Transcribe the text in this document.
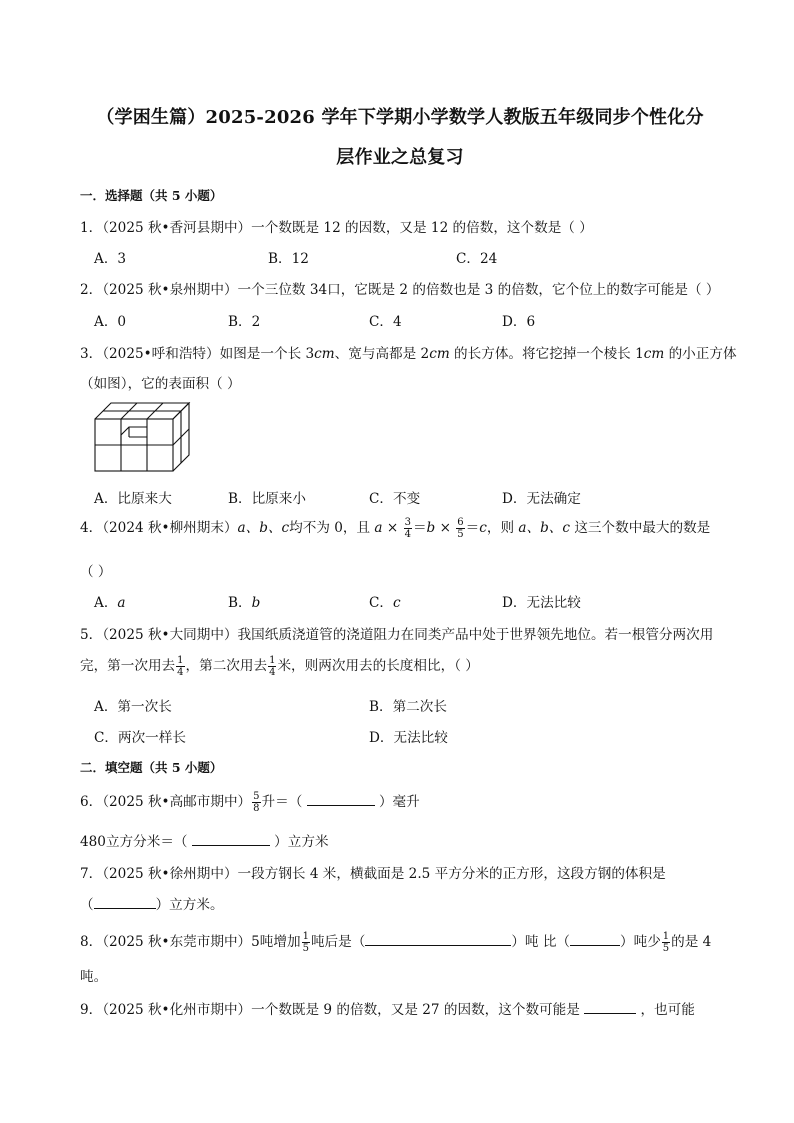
（学困生篇）2025-2026 学年下学期小学数学人教版五年级同步个性化分
层作业之总复习
一．选择题（共 5 小题）
1．（2025 秋•香河县期中）一个数既是 12 的因数，又是 12 的倍数，这个数是（ ）
A．3	B．12	C．24
2．（2025 秋•泉州期中）一个三位数 34口，它既是 2 的倍数也是 3 的倍数，它个位上的数字可能是（ ）
A．0	B．2	C．4	D．6
3．（2025•呼和浩特）如图是一个长 3cm、宽与高都是 2cm 的长方体。将它挖掉一个棱长 1cm 的小正方体
（如图），它的表面积（ ）
A．比原来大	B．比原来小	C．不变	D．无法确定
4．（2024 秋•柳州期末）a、b、c均不为 0，且 $a \times \frac{3}{4} =b \times \frac{6}{5} =c$，则 a、b、c 这三个数中最大的数是
（ ）
A．a	B．b	C．c	D．无法比较
5．（2025 秋•大同期中）我国纸质浇道管的浇道阻力在同类产品中处于世界领先地位。若一根管分两次用
完，第一次用去 $\frac{1}{4}$ ，第二次用去 $\frac{1}{4}$ 米，则两次用去的长度相比，（ ）
A．第一次长	B．第二次长
C．两次一样长	D．无法比较
二．填空题（共 5 小题）
6．（2025 秋•高邮市期中） $\frac{5}{8}$ 升＝（	）毫升
480立方分米＝（	）立方米
7．（2025 秋•徐州期中）一段方钢长 4 米，横截面是 2.5 平方分米的正方形，这段方钢的体积是
（	）立方米。
8．（2025 秋•东莞市期中）5吨增加 $\frac{1}{5}$ 吨后是（	）吨 比（	）吨少 $\frac{1}{5}$ 的是 4
吨。
9．（2025 秋•化州市期中）一个数既是 9 的倍数，又是 27 的因数，这个数可能是	，也可能
